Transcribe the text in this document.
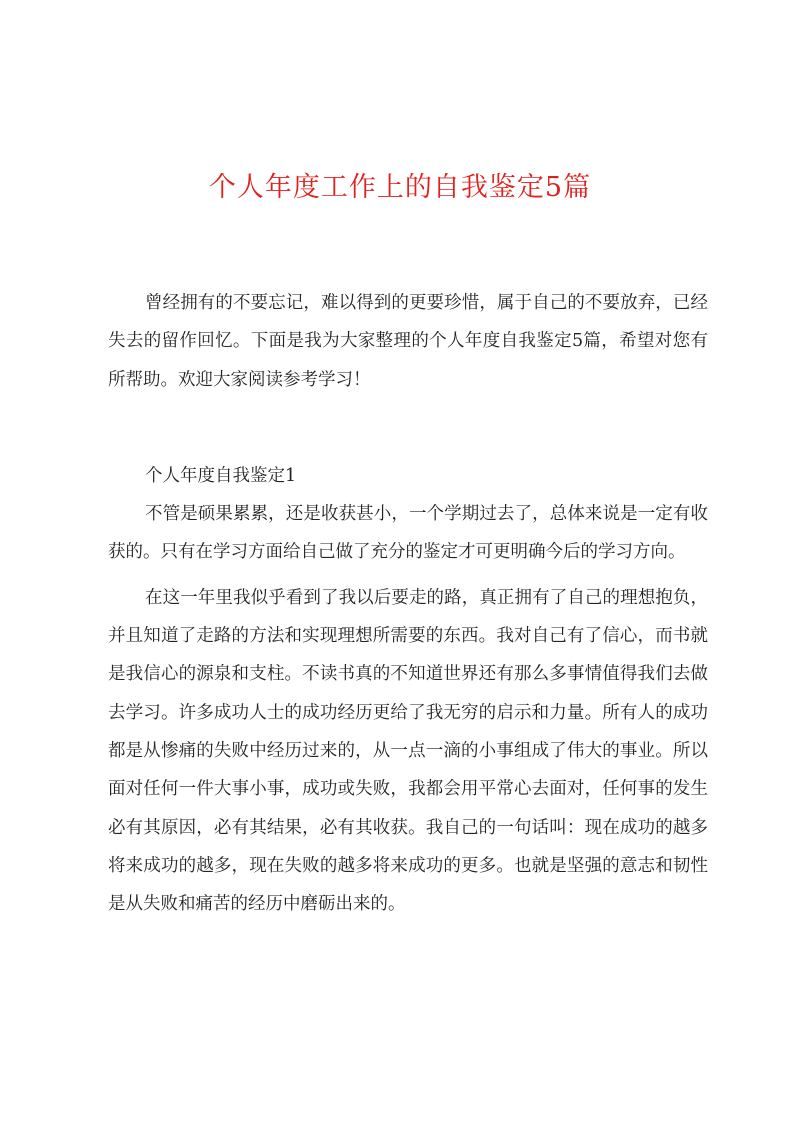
个人年度工作上的自我鉴定5篇

曾经拥有的不要忘记，难以得到的更要珍惜，属于自己的不要放弃，已经失去的留作回忆。下面是我为大家整理的个人年度自我鉴定5篇，希望对您有所帮助。欢迎大家阅读参考学习！

个人年度自我鉴定1

不管是硕果累累，还是收获甚小，一个学期过去了，总体来说是一定有收获的。只有在学习方面给自己做了充分的鉴定才可更明确今后的学习方向。

在这一年里我似乎看到了我以后要走的路，真正拥有了自己的理想抱负，并且知道了走路的方法和实现理想所需要的东西。我对自己有了信心，而书就是我信心的源泉和支柱。不读书真的不知道世界还有那么多事情值得我们去做去学习。许多成功人士的成功经历更给了我无穷的启示和力量。所有人的成功都是从惨痛的失败中经历过来的，从一点一滴的小事组成了伟大的事业。所以面对任何一件大事小事，成功或失败，我都会用平常心去面对，任何事的发生必有其原因，必有其结果，必有其收获。我自己的一句话叫：现在成功的越多将来成功的越多，现在失败的越多将来成功的更多。也就是坚强的意志和韧性是从失败和痛苦的经历中磨砺出来的。
